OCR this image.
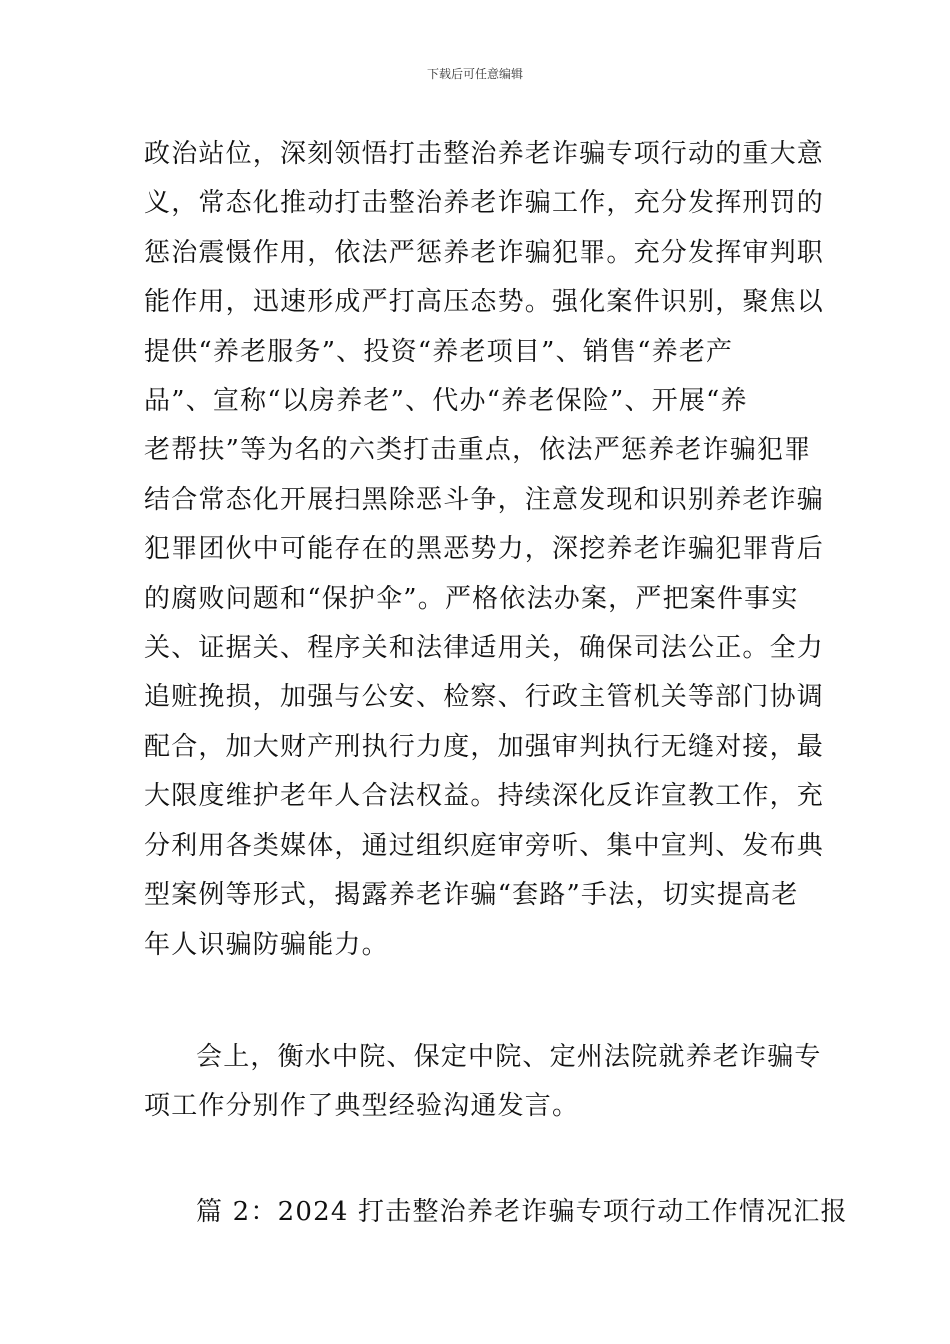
下载后可任意编辑
政治站位，深刻领悟打击整治养老诈骗专项行动的重大意
义，常态化推动打击整治养老诈骗工作，充分发挥刑罚的
惩治震慑作用，依法严惩养老诈骗犯罪。充分发挥审判职
能作用，迅速形成严打高压态势。强化案件识别，聚焦以
提供“养老服务”、投资“养老项目”、销售“养老产
品”、宣称“以房养老”、代办“养老保险”、开展“养
老帮扶”等为名的六类打击重点，依法严惩养老诈骗犯罪
结合常态化开展扫黑除恶斗争，注意发现和识别养老诈骗
犯罪团伙中可能存在的黑恶势力，深挖养老诈骗犯罪背后
的腐败问题和“保护伞”。严格依法办案，严把案件事实
关、证据关、程序关和法律适用关，确保司法公正。全力
追赃挽损，加强与公安、检察、行政主管机关等部门协调
配合，加大财产刑执行力度，加强审判执行无缝对接，最
大限度维护老年人合法权益。持续深化反诈宣教工作，充
分利用各类媒体，通过组织庭审旁听、集中宣判、发布典
型案例等形式，揭露养老诈骗“套路”手法，切实提高老
年人识骗防骗能力。
会上，衡水中院、保定中院、定州法院就养老诈骗专
项工作分别作了典型经验沟通发言。
篇 2：2024 打击整治养老诈骗专项行动工作情况汇报
